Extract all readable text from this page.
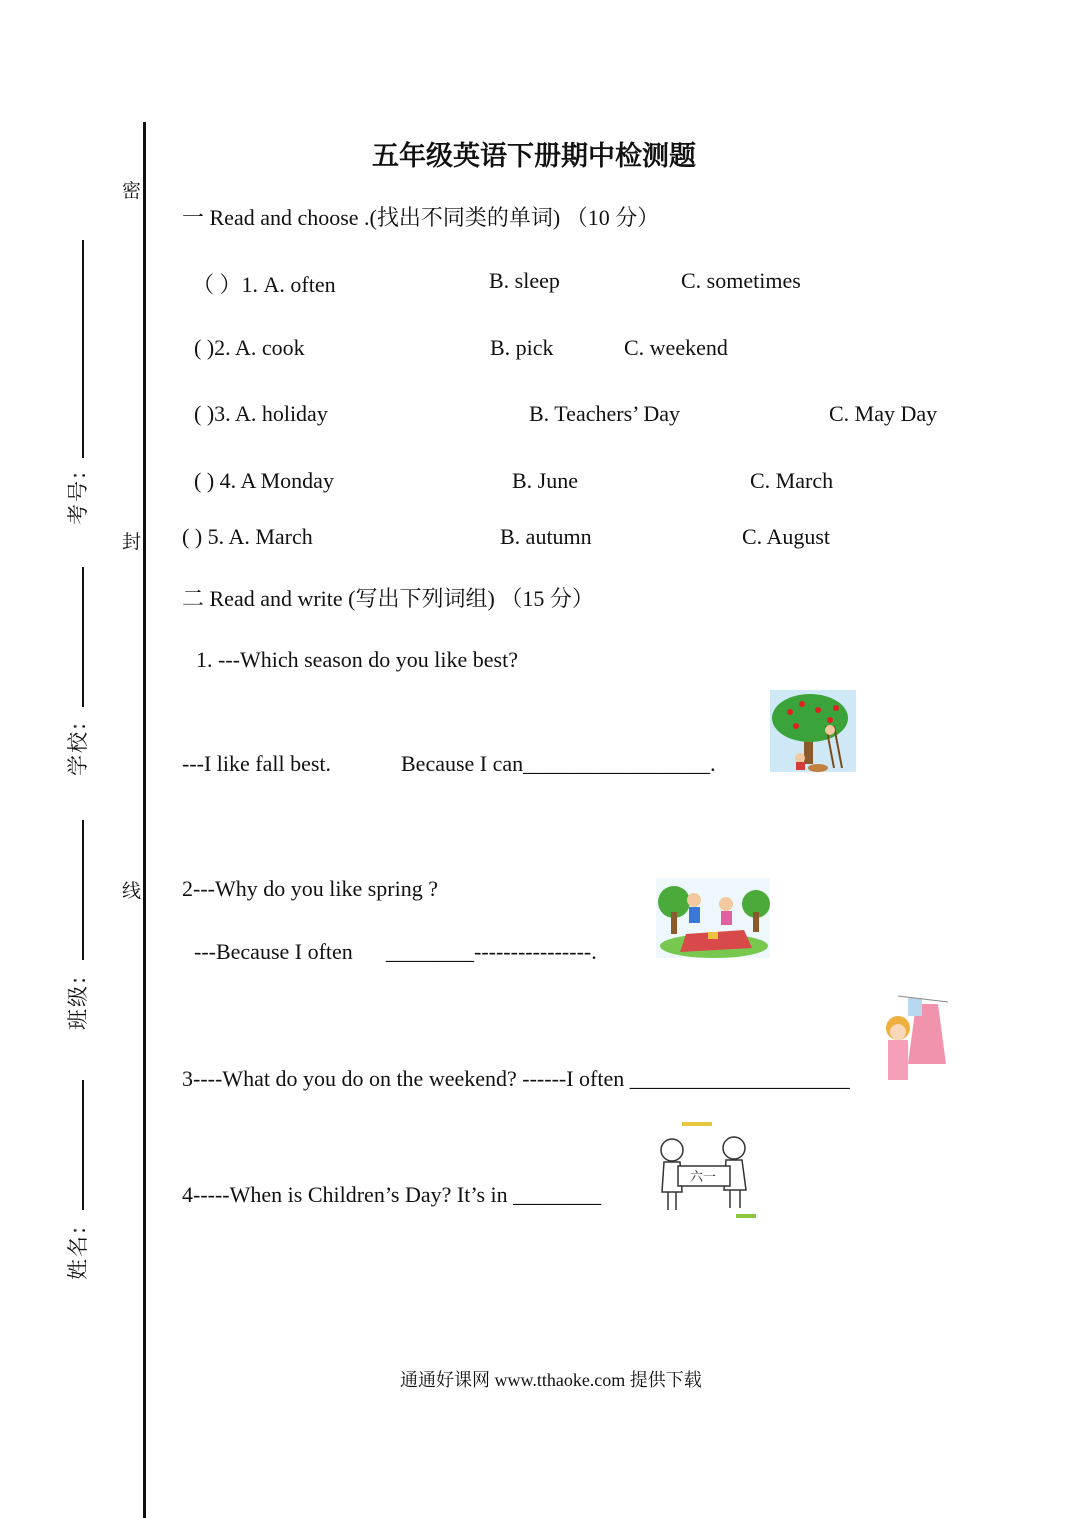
密
封
线
考号:
学校:
班级:
姓名:
五年级英语下册期中检测题
一 Read and choose .(找出不同类的单词) （10 分）
（ ）1. A. often	B. sleep	C. sometimes
( )2. A. cook	B. pick	C. weekend
( )3. A. holiday	B. Teachers’ Day	C. May Day
( ) 4. A Monday	B. June	C. March
( ) 5. A. March	B. autumn	C. August
二 Read and write (写出下列词组) （15 分）
1. ---Which season do you like best?
---I like fall best.	Because I can_________________.
2---Why do you like spring ?
---Because I often ________----------------.
3----What do you do on the weekend? ------I often ____________________
4-----When is Children’s Day? It’s in ________
六一
通通好课网 www.tthaoke.com 提供下载
